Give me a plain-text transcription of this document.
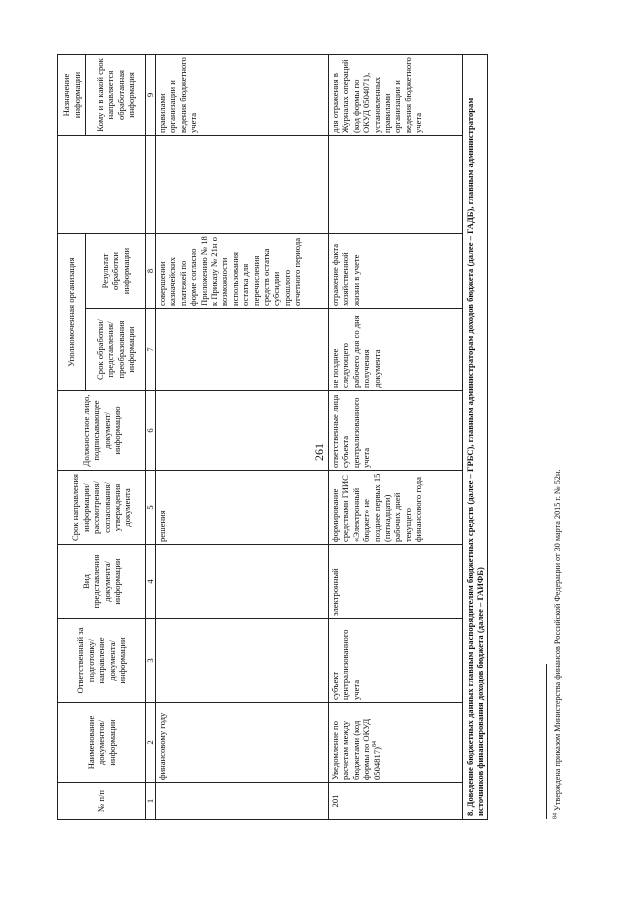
261
№ п/п	Наименование документов/ информации	Ответственный за подготовку/ направление документа/ информации	Вид представления документа/ информации	Срок направления информации/ рассмотрения/ согласования/ утверждения документа	Должностное лицо, подписывающее документ/ информацию	Уполномоченная организация			Назначение информации
						Срок обработки/ представления/ преобразования информации	Результат обработки информации		Кому и в какой срок направляется обработанная информация
1	2	3	4	5	6	7	8		9
	финансовому году			решения			совершении казначейских платежей по форме согласно Приложению № 18 к Приказу № 21н о возможности использования остатка для перечисления средств остатка субсидии прошлого отчетного периода		правилами организации и ведения бюджетного учета
201	Уведомление по расчетам между бюджетами (код формы по ОКУД 0504817)$^{84}$	субъект централизованного учета	электронный	формирование средствами ГИИС «Электронный бюджет» не позднее первых 15 (пятнадцати) рабочих дней текущего финансового года	ответственные лица субъекта централизованного учета	не позднее следующего рабочего дня со дня получения документа	отражение факта хозяйственной жизни в учете		для отражения в Журналах операций (код формы по ОКУД 0504071), установленных правилами организации и ведения бюджетного учета
8. Доведение бюджетных данных главным распорядителям бюджетных средств (далее – ГРБС), главным администраторам доходов бюджета (далее – ГАДБ), главным администраторам источников финансирования доходов бюджета (далее – ГАИФБ)										$^{84}$ Утверждена приказом Министерства финансов Российской Федерации от 30 марта 2015 г. № 52н.
